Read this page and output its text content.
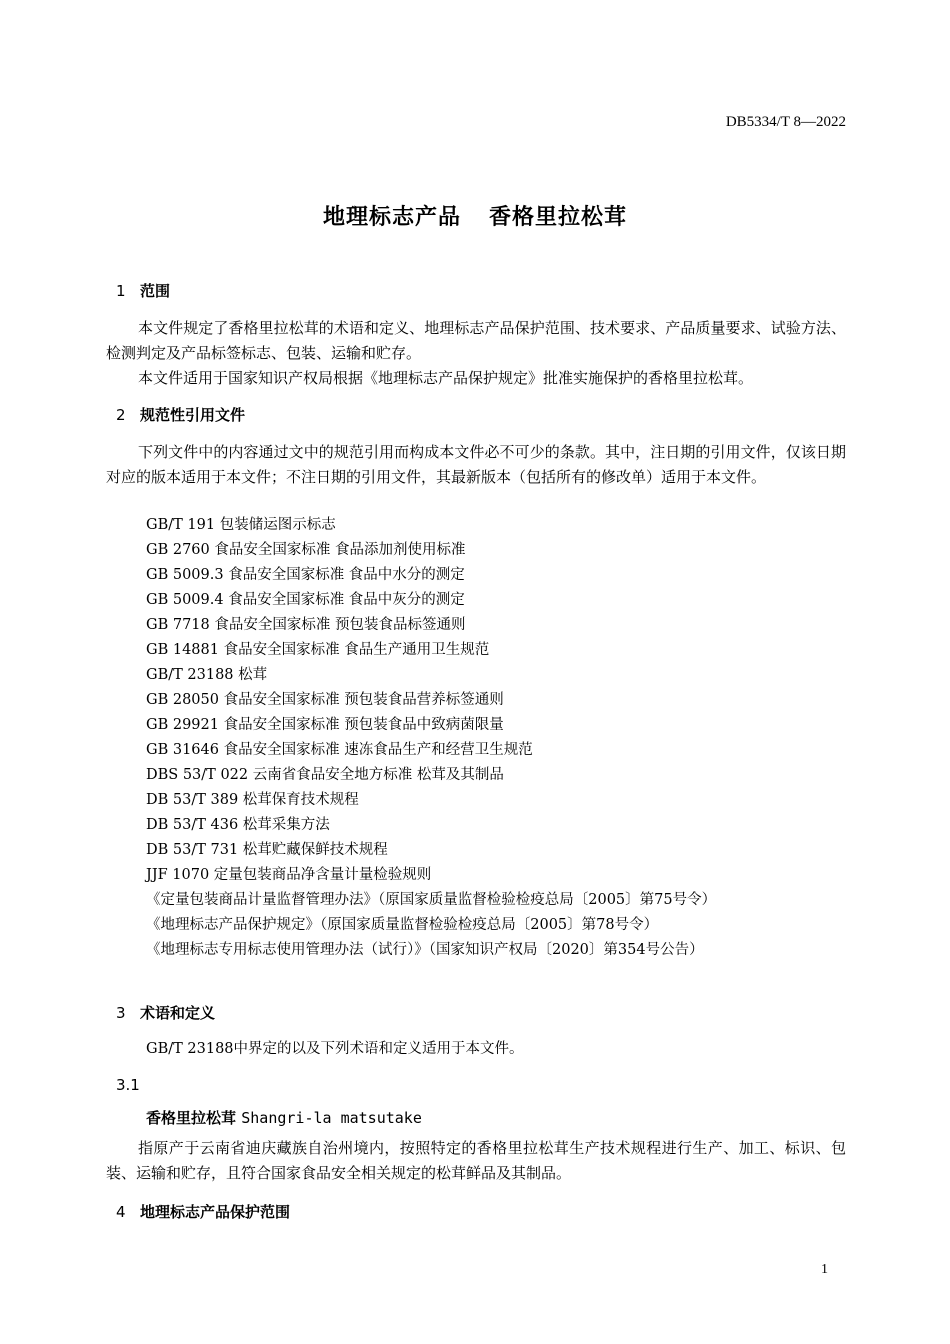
DB5334/T 8—2022
地理标志产品 香格里拉松茸
1 范围

本文件规定了香格里拉松茸的术语和定义、地理标志产品保护范围、技术要求、产品质量要求、试验方法、检测判定及产品标签标志、包装、运输和贮存。

本文件适用于国家知识产权局根据《地理标志产品保护规定》批准实施保护的香格里拉松茸。

2 规范性引用文件

下列文件中的内容通过文中的规范引用而构成本文件必不可少的条款。其中，注日期的引用文件，仅该日期对应的版本适用于本文件；不注日期的引用文件，其最新版本（包括所有的修改单）适用于本文件。

GB/T 191 包装储运图示标志
GB 2760 食品安全国家标准 食品添加剂使用标准
GB 5009.3 食品安全国家标准 食品中水分的测定
GB 5009.4 食品安全国家标准 食品中灰分的测定
GB 7718 食品安全国家标准 预包装食品标签通则
GB 14881 食品安全国家标准 食品生产通用卫生规范
GB/T 23188 松茸
GB 28050 食品安全国家标准 预包装食品营养标签通则
GB 29921 食品安全国家标准 预包装食品中致病菌限量
GB 31646 食品安全国家标准 速冻食品生产和经营卫生规范
DBS 53/T 022 云南省食品安全地方标准 松茸及其制品
DB 53/T 389 松茸保育技术规程
DB 53/T 436 松茸采集方法
DB 53/T 731 松茸贮藏保鲜技术规程
JJF 1070 定量包装商品净含量计量检验规则
《定量包装商品计量监督管理办法》（原国家质量监督检验检疫总局〔2005〕第75号令）
《地理标志产品保护规定》（原国家质量监督检验检疫总局〔2005〕第78号令）
《地理标志专用标志使用管理办法（试行）》（国家知识产权局〔2020〕第354号公告）
3 术语和定义
GB/T 23188中界定的以及下列术语和定义适用于本文件。
3.1
香格里拉松茸 Shangri-la matsutake

指原产于云南省迪庆藏族自治州境内，按照特定的香格里拉松茸生产技术规程进行生产、加工、标识、包装、运输和贮存，且符合国家食品安全相关规定的松茸鲜品及其制品。

4 地理标志产品保护范围
1
